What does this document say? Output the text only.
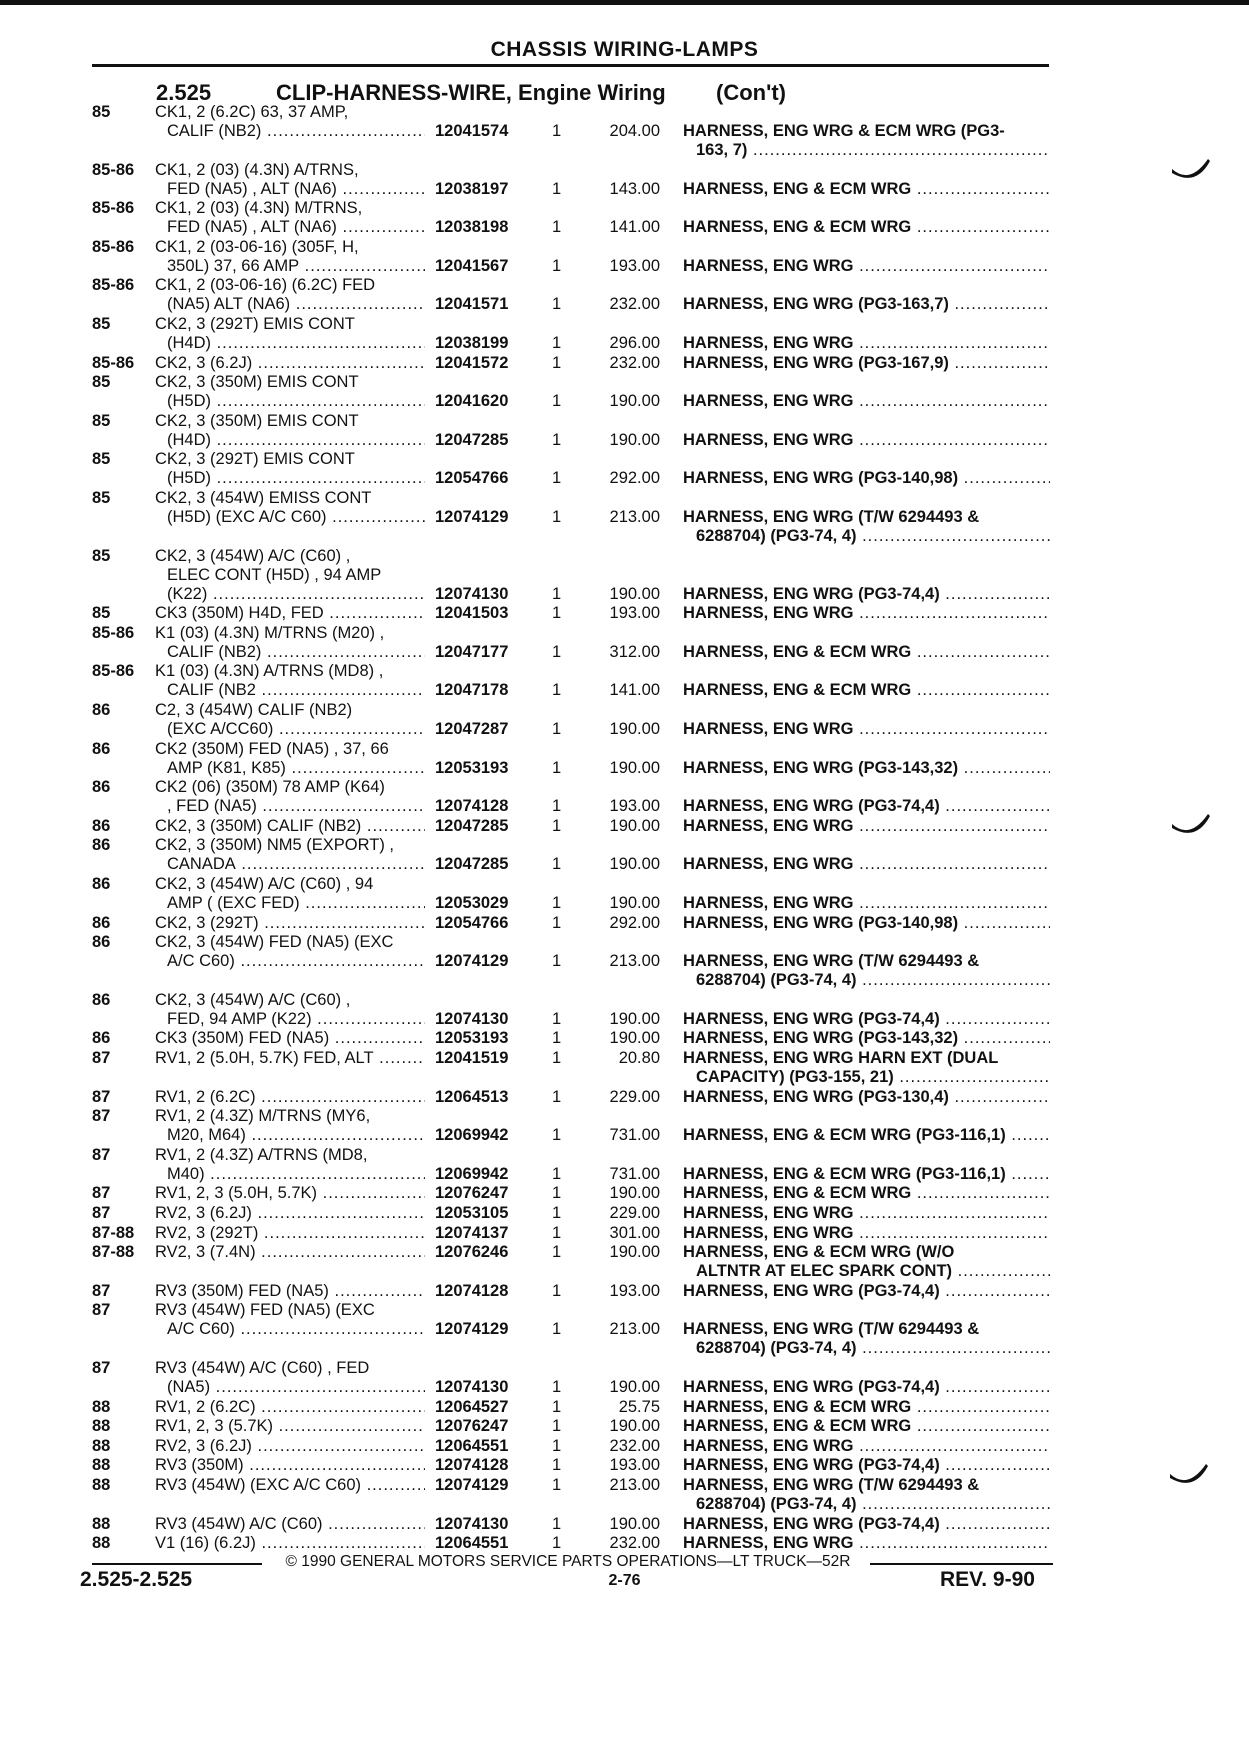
CHASSIS WIRING-LAMPS
2.525	CLIP-HARNESS-WIRE, Engine Wiring (Con't)
85	CK1, 2 (6.2C) 63, 37 AMP,
CALIF (NB2) .....	12041574	1	204.00 HARNESS, ENG WRG & ECM WRG (PG3-
163, 7) .....
85-86 CK1, 2 (03) (4.3N) A/TRNS,
FED (NA5) , ALT (NA6) .....	12038197	1	143.00 HARNESS, ENG & ECM WRG .....
85-86 CK1, 2 (03) (4.3N) M/TRNS,
FED (NA5) , ALT (NA6) .....	12038198	1	141.00 HARNESS, ENG & ECM WRG .....
85-86 CK1, 2 (03-06-16) (305F, H,
350L) 37, 66 AMP .....	12041567	1	193.00 HARNESS, ENG WRG .....
85-86 CK1, 2 (03-06-16) (6.2C) FED
(NA5) ALT (NA6) .....	12041571	1	232.00 HARNESS, ENG WRG (PG3-163,7) .....
85	CK2, 3 (292T) EMIS CONT
(H4D) .....	12038199	1	296.00 HARNESS, ENG WRG .....
85-86 CK2, 3 (6.2J) .....	12041572	1	232.00 HARNESS, ENG WRG (PG3-167,9) .....
85	CK2, 3 (350M) EMIS CONT
(H5D) .....	12041620	1	190.00 HARNESS, ENG WRG .....
85	CK2, 3 (350M) EMIS CONT
(H4D) .....	12047285	1	190.00 HARNESS, ENG WRG .....
85	CK2, 3 (292T) EMIS CONT
(H5D) .....	12054766	1	292.00 HARNESS, ENG WRG (PG3-140,98) .....
85	CK2, 3 (454W) EMISS CONT
(H5D) (EXC A/C C60) .....	12074129	1	213.00 HARNESS, ENG WRG (T/W 6294493 &
6288704) (PG3-74, 4) .....
85	CK2, 3 (454W) A/C (C60) ,
ELEC CONT (H5D) , 94 AMP
(K22) .....	12074130	1	190.00 HARNESS, ENG WRG (PG3-74,4) .....
85	CK3 (350M) H4D, FED .....	12041503	1	193.00 HARNESS, ENG WRG .....
85-86 K1 (03) (4.3N) M/TRNS (M20) ,
CALIF (NB2) .....	12047177	1	312.00 HARNESS, ENG & ECM WRG .....
85-86 K1 (03) (4.3N) A/TRNS (MD8) ,
CALIF (NB2 .....	12047178	1	141.00 HARNESS, ENG & ECM WRG .....
86	C2, 3 (454W) CALIF (NB2)
(EXC A/CC60) .....	12047287	1	190.00 HARNESS, ENG WRG .....
86	CK2 (350M) FED (NA5) , 37, 66
AMP (K81, K85) .....	12053193	1	190.00 HARNESS, ENG WRG (PG3-143,32) .....
86	CK2 (06) (350M) 78 AMP (K64)
, FED (NA5) .....	12074128	1	193.00 HARNESS, ENG WRG (PG3-74,4) .....
86	CK2, 3 (350M) CALIF (NB2) .....	12047285	1	190.00 HARNESS, ENG WRG .....
86	CK2, 3 (350M) NM5 (EXPORT) ,
CANADA .....	12047285	1	190.00 HARNESS, ENG WRG .....
86	CK2, 3 (454W) A/C (C60) , 94
AMP ( (EXC FED) .....	12053029	1	190.00 HARNESS, ENG WRG .....
86	CK2, 3 (292T) .....	12054766	1	292.00 HARNESS, ENG WRG (PG3-140,98) .....
86	CK2, 3 (454W) FED (NA5) (EXC
A/C C60) .....	12074129	1	213.00 HARNESS, ENG WRG (T/W 6294493 &
6288704) (PG3-74, 4) .....
86	CK2, 3 (454W) A/C (C60) ,
FED, 94 AMP (K22) .....	12074130	1	190.00 HARNESS, ENG WRG (PG3-74,4) .....
86	CK3 (350M) FED (NA5) .....	12053193	1	190.00 HARNESS, ENG WRG (PG3-143,32) .....
87	RV1, 2 (5.0H, 5.7K) FED, ALT .....	12041519	1	20.80 HARNESS, ENG WRG HARN EXT (DUAL
CAPACITY) (PG3-155, 21) .....
87	RV1, 2 (6.2C) .....	12064513	1	229.00 HARNESS, ENG WRG (PG3-130,4) .....
87	RV1, 2 (4.3Z) M/TRNS (MY6,
M20, M64) .....	12069942	1	731.00 HARNESS, ENG & ECM WRG (PG3-116,1) .....
87	RV1, 2 (4.3Z) A/TRNS (MD8,
M40) .....	12069942	1	731.00 HARNESS, ENG & ECM WRG (PG3-116,1) .....
87	RV1, 2, 3 (5.0H, 5.7K) .....	12076247	1	190.00 HARNESS, ENG & ECM WRG .....
87	RV2, 3 (6.2J) .....	12053105	1	229.00 HARNESS, ENG WRG .....
87-88 RV2, 3 (292T) .....	12074137	1	301.00 HARNESS, ENG WRG .....
87-88 RV2, 3 (7.4N) .....	12076246	1	190.00 HARNESS, ENG & ECM WRG (W/O
ALTNTR AT ELEC SPARK CONT) .....
87	RV3 (350M) FED (NA5) .....	12074128	1	193.00 HARNESS, ENG WRG (PG3-74,4) .....
87	RV3 (454W) FED (NA5) (EXC
A/C C60) .....	12074129	1	213.00 HARNESS, ENG WRG (T/W 6294493 &
6288704) (PG3-74, 4) .....
87	RV3 (454W) A/C (C60) , FED
(NA5) .....	12074130	1	190.00 HARNESS, ENG WRG (PG3-74,4) .....
88	RV1, 2 (6.2C) .....	12064527	1	25.75 HARNESS, ENG & ECM WRG .....
88	RV1, 2, 3 (5.7K) .....	12076247	1	190.00 HARNESS, ENG & ECM WRG .....
88	RV2, 3 (6.2J) .....	12064551	1	232.00 HARNESS, ENG WRG .....
88	RV3 (350M) .....	12074128	1	193.00 HARNESS, ENG WRG (PG3-74,4) .....
88	RV3 (454W) (EXC A/C C60) .....	12074129	1	213.00 HARNESS, ENG WRG (T/W 6294493 &
6288704) (PG3-74, 4) .....
88	RV3 (454W) A/C (C60) .....	12074130	1	190.00 HARNESS, ENG WRG (PG3-74,4) .....
88	V1 (16) (6.2J) .....	12064551	1	232.00 HARNESS, ENG WRG .....
© 1990 GENERAL MOTORS SERVICE PARTS OPERATIONS—LT TRUCK—52R
2.525-2.525	2-76	REV. 9-90
